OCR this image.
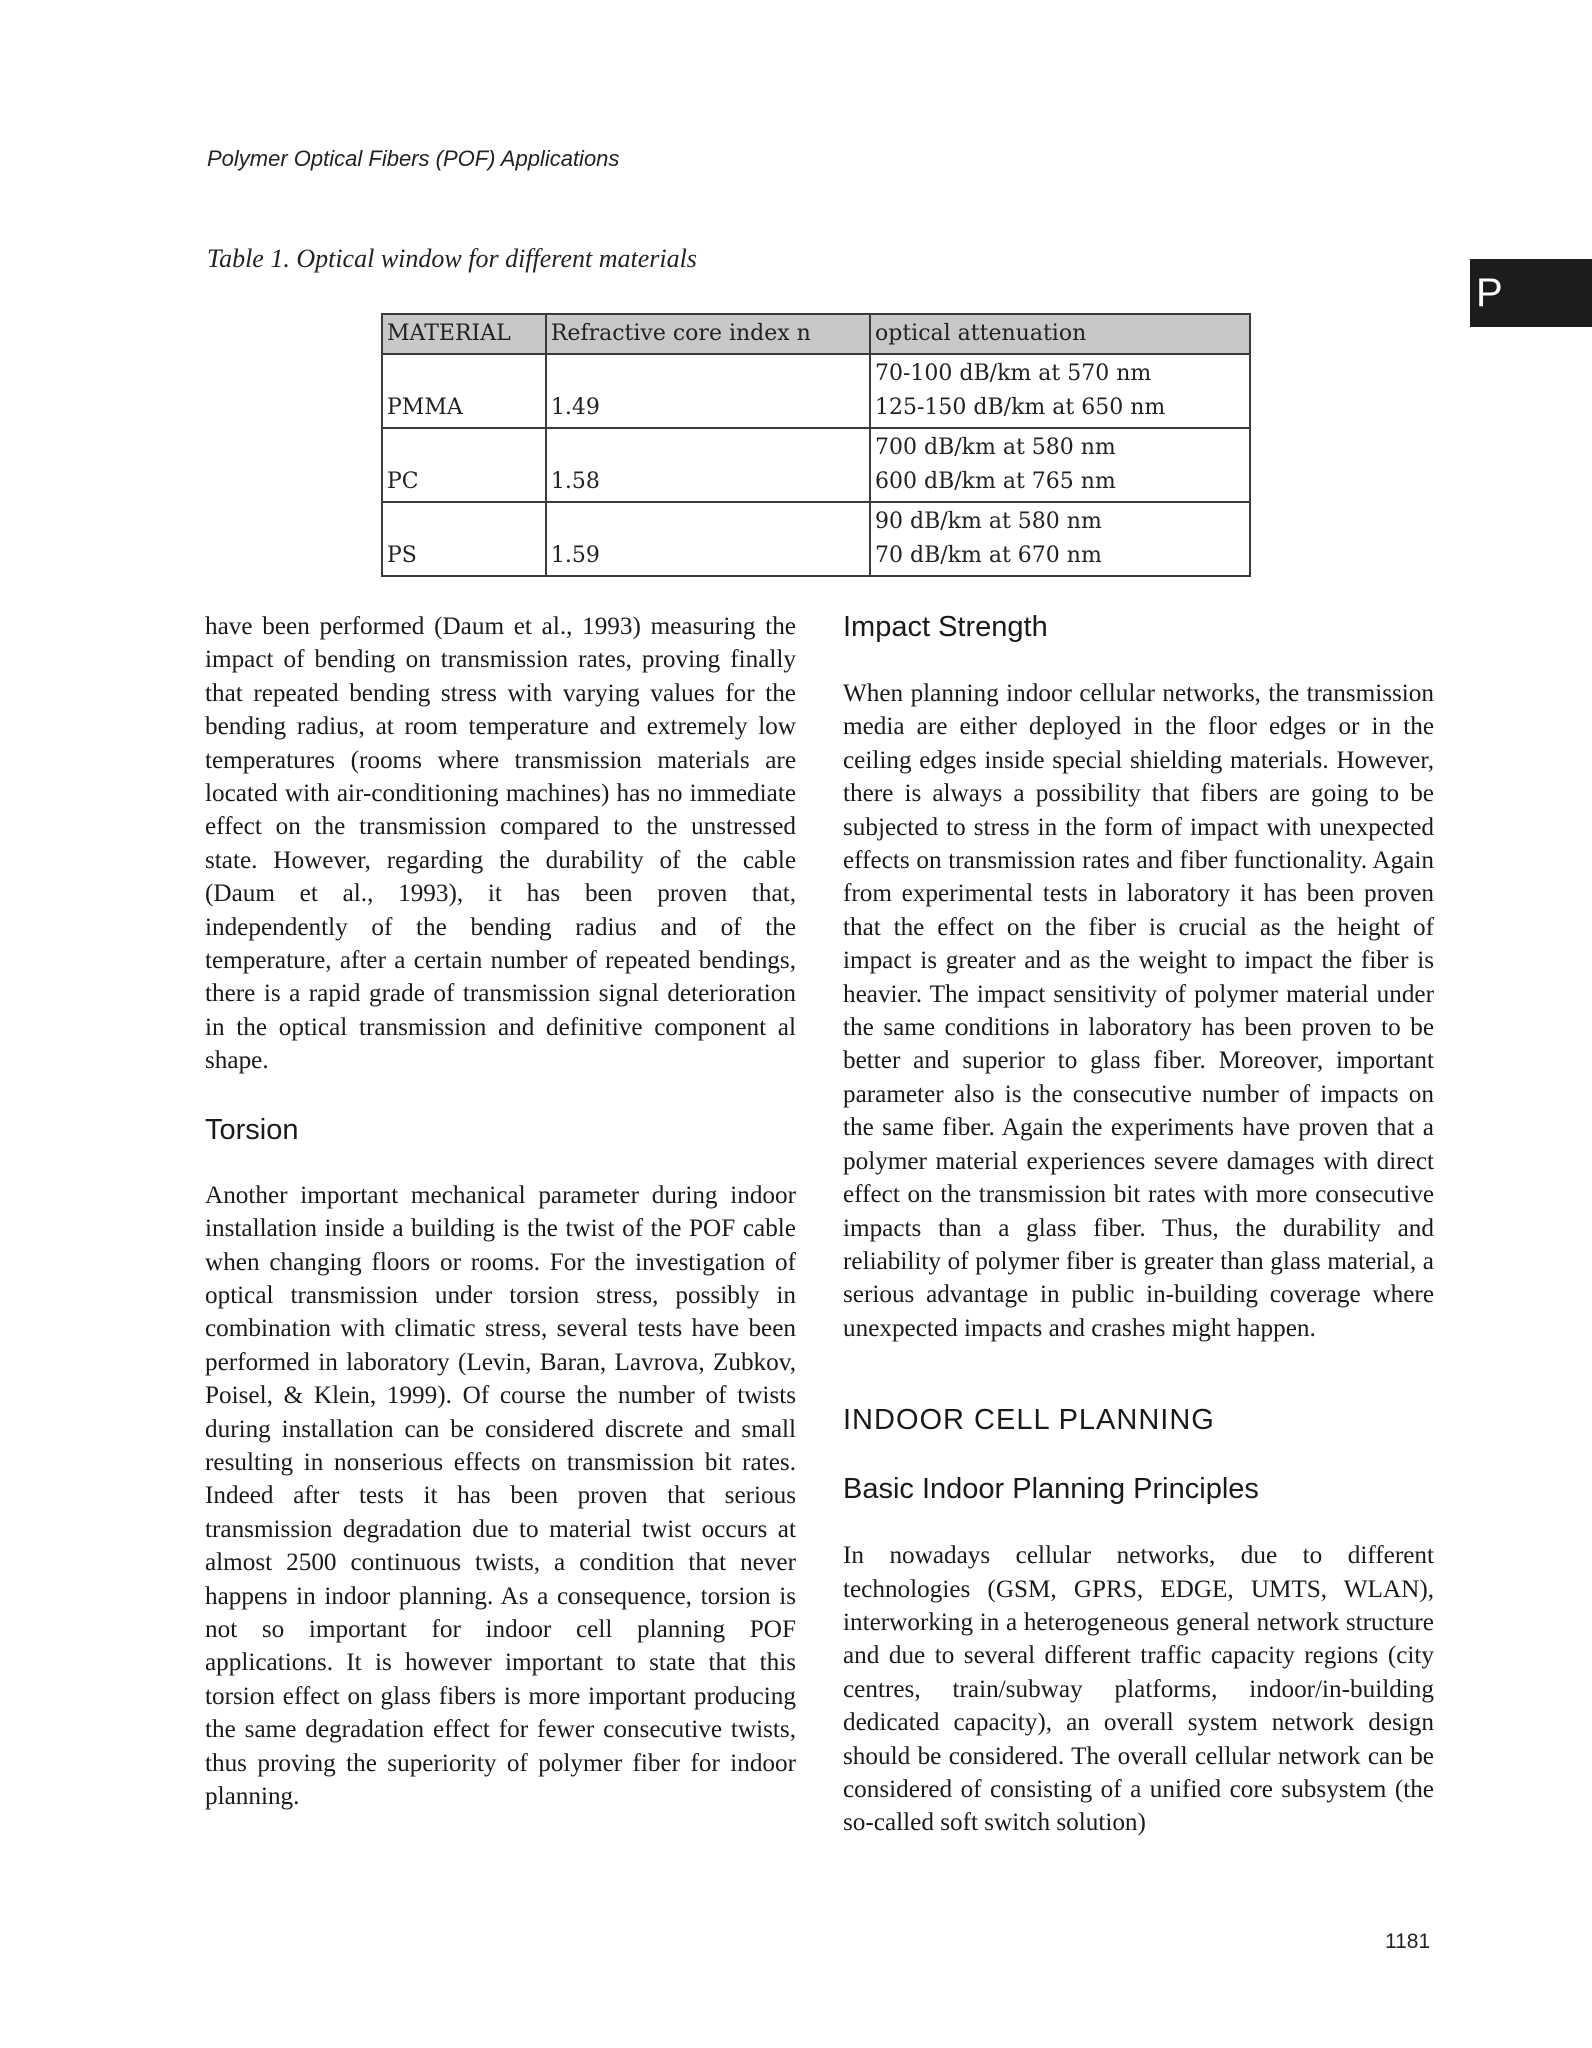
Polymer Optical Fibers (POF) Applications
P
Table 1. Optical window for different materials
MATERIAL	Refractive core index n	optical attenuation
PMMA	1.49	70-100 dB/km at 570 nm
125-150 dB/km at 650 nm

PC	1.58	700 dB/km at 580 nm
600 dB/km at 765 nm

PS	1.59	90 dB/km at 580 nm
70 dB/km at 670 nm

have been performed (Daum et al., 1993) measuring the impact of bending on transmission rates, proving finally that repeated bending stress with varying values for the bending radius, at room temperature and extremely low temperatures (rooms where transmission materials are located with air-conditioning machines) has no immediate effect on the transmission compared to the unstressed state. However, regarding the durability of the cable (Daum et al., 1993), it has been proven that, independently of the bending radius and of the temperature, after a certain number of repeated bendings, there is a rapid grade of transmission signal deterioration in the optical transmission and definitive component al shape.

Torsion

Another important mechanical parameter during indoor installation inside a building is the twist of the POF cable when changing floors or rooms. For the investigation of optical transmission under torsion stress, possibly in combination with climatic stress, several tests have been performed in laboratory (Levin, Baran, Lavrova, Zubkov, Poisel, & Klein, 1999). Of course the number of twists during installation can be considered discrete and small resulting in nonserious effects on transmission bit rates. Indeed after tests it has been proven that serious transmission degradation due to material twist occurs at almost 2500 continuous twists, a condition that never happens in indoor planning. As a consequence, torsion is not so important for indoor cell planning POF applications. It is however important to state that this torsion effect on glass fibers is more important producing the same degradation effect for fewer consecutive twists, thus proving the superiority of polymer fiber for indoor planning.

Impact Strength

When planning indoor cellular networks, the transmission media are either deployed in the floor edges or in the ceiling edges inside special shielding materials. However, there is always a possibility that fibers are going to be subjected to stress in the form of impact with unexpected effects on transmission rates and fiber functionality. Again from experimental tests in laboratory it has been proven that the effect on the fiber is crucial as the height of impact is greater and as the weight to impact the fiber is heavier. The impact sensitivity of polymer material under the same conditions in laboratory has been proven to be better and superior to glass fiber. Moreover, important parameter also is the consecutive number of impacts on the same fiber. Again the experiments have proven that a polymer material experiences severe damages with direct effect on the transmission bit rates with more consecutive impacts than a glass fiber. Thus, the durability and reliability of polymer fiber is greater than glass material, a serious advantage in public in-building coverage where unexpected impacts and crashes might happen.

INDOOR CELL PLANNING
Basic Indoor Planning Principles

In nowadays cellular networks, due to different technologies (GSM, GPRS, EDGE, UMTS, WLAN), interworking in a heterogeneous general network structure and due to several different traffic capacity regions (city centres, train/subway platforms, indoor/in-building dedicated capacity), an overall system network design should be considered. The overall cellular network can be considered of consisting of a unified core subsystem (the so-called soft switch solution)

1181
